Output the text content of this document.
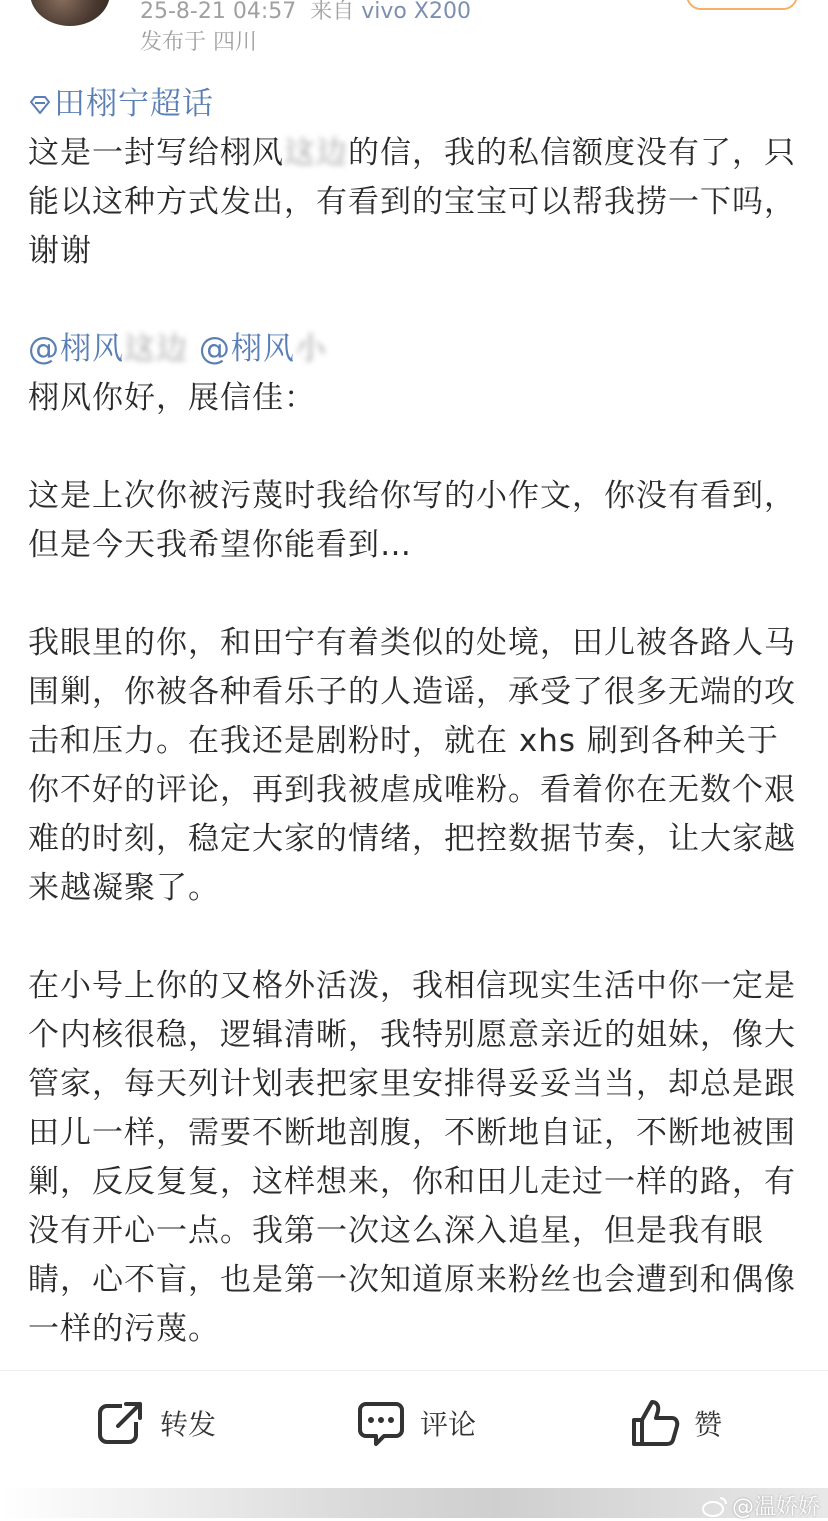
25-8-21 04:57 来自 vivo X200
发布于 四川

田栩宁超话

这是一封写给栩风这边的信，我的私信额度没有了，只能以这种方式发出，有看到的宝宝可以帮我捞一下吗，谢谢

@栩风这边 @栩风小

栩风你好，展信佳：

这是上次你被污蔑时我给你写的小作文，你没有看到，但是今天我希望你能看到…

我眼里的你，和田宁有着类似的处境，田儿被各路人马围剿，你被各种看乐子的人造谣，承受了很多无端的攻击和压力。在我还是剧粉时，就在 xhs 刷到各种关于你不好的评论，再到我被虐成唯粉。看着你在无数个艰难的时刻，稳定大家的情绪，把控数据节奏，让大家越来越凝聚了。

在小号上你的又格外活泼，我相信现实生活中你一定是个内核很稳，逻辑清晰，我特别愿意亲近的姐妹，像大管家，每天列计划表把家里安排得妥妥当当，却总是跟田儿一样，需要不断地剖腹，不断地自证，不断地被围剿，反反复复，这样想来，你和田儿走过一样的路，有没有开心一点。我第一次这么深入追星，但是我有眼睛，心不盲，也是第一次知道原来粉丝也会遭到和偶像一样的污蔑。

转发	评论	赞
@温娇娇
